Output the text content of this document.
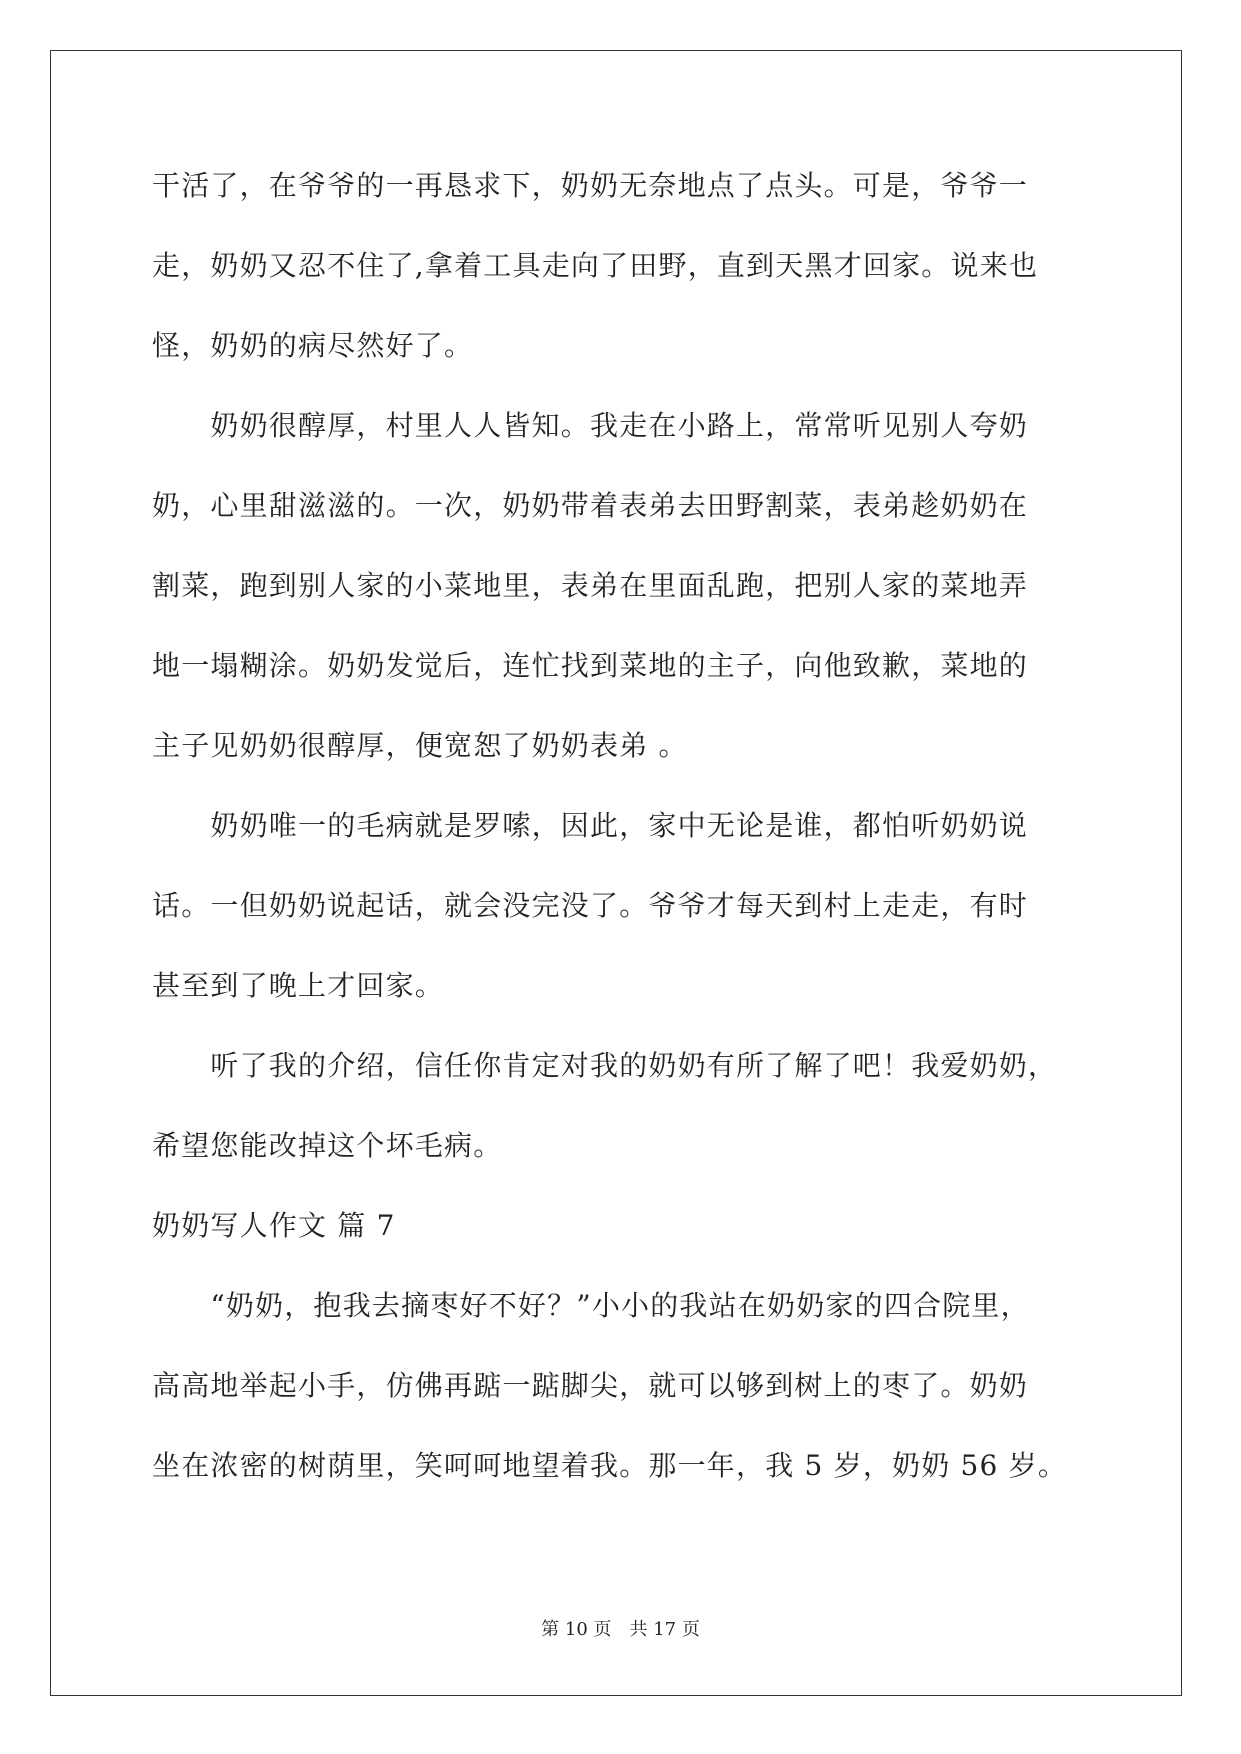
干活了，在爷爷的一再恳求下，奶奶无奈地点了点头。可是，爷爷一
走，奶奶又忍不住了,拿着工具走向了田野，直到天黑才回家。说来也
怪，奶奶的病尽然好了。
　　奶奶很醇厚，村里人人皆知。我走在小路上，常常听见别人夸奶
奶，心里甜滋滋的。一次，奶奶带着表弟去田野割菜，表弟趁奶奶在
割菜，跑到别人家的小菜地里，表弟在里面乱跑，把别人家的菜地弄
地一塌糊涂。奶奶发觉后，连忙找到菜地的主子，向他致歉，菜地的
主子见奶奶很醇厚，便宽恕了奶奶表弟 。
　　奶奶唯一的毛病就是罗嗦，因此，家中无论是谁，都怕听奶奶说
话。一但奶奶说起话，就会没完没了。爷爷才每天到村上走走，有时
甚至到了晚上才回家。
　　听了我的介绍，信任你肯定对我的奶奶有所了解了吧！我爱奶奶，
希望您能改掉这个坏毛病。
奶奶写人作文 篇 7
　　“奶奶，抱我去摘枣好不好？”小小的我站在奶奶家的四合院里，
高高地举起小手，仿佛再踮一踮脚尖，就可以够到树上的枣了。奶奶
坐在浓密的树荫里，笑呵呵地望着我。那一年，我 5 岁，奶奶 56 岁。
第 10 页　共 17 页
